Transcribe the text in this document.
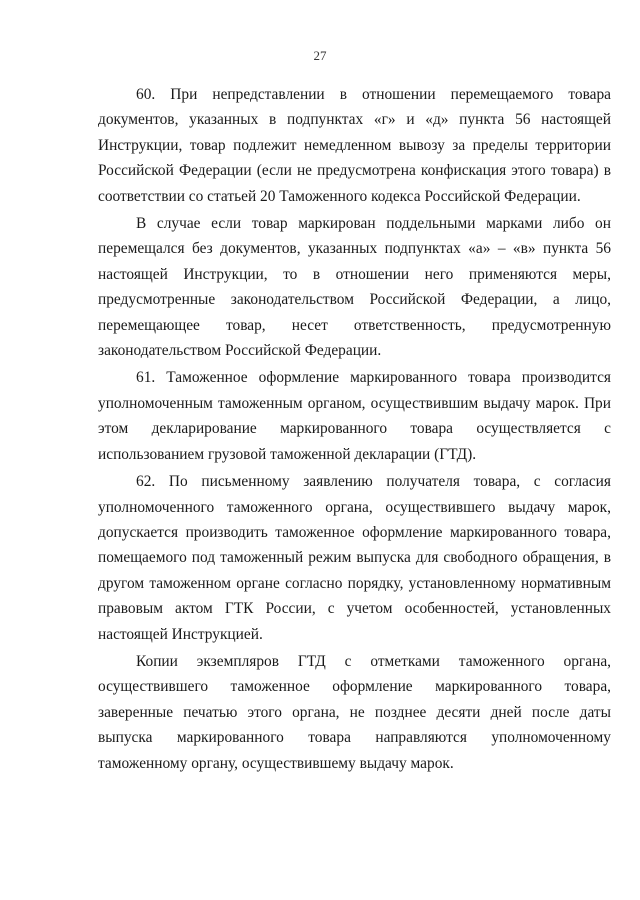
27

60. При непредставлении в отношении перемещаемого товара документов, указанных в подпунктах «г» и «д» пункта 56 настоящей Инструкции, товар подлежит немедленном вывозу за пределы территории Российской Федерации (если не предусмотрена конфискация этого товара) в соответствии со статьей 20 Таможенного кодекса Российской Федерации.

В случае если товар маркирован поддельными марками либо он перемещался без документов, указанных подпунктах «а» – «в» пункта 56 настоящей Инструкции, то в отношении него применяются меры, предусмотренные законодательством Российской Федерации, а лицо, перемещающее товар, несет ответственность, предусмотренную законодательством Российской Федерации.

61. Таможенное оформление маркированного товара производится уполномоченным таможенным органом, осуществившим выдачу марок. При этом декларирование маркированного товара осуществляется с использованием грузовой таможенной декларации (ГТД).

62. По письменному заявлению получателя товара, с согласия уполномоченного таможенного органа, осуществившего выдачу марок, допускается производить таможенное оформление маркированного товара, помещаемого под таможенный режим выпуска для свободного обращения, в другом таможенном органе согласно порядку, установленному нормативным правовым актом ГТК России, с учетом особенностей, установленных настоящей Инструкцией.

Копии экземпляров ГТД с отметками таможенного органа, осуществившего таможенное оформление маркированного товара, заверенные печатью этого органа, не позднее десяти дней после даты выпуска маркированного товара направляются уполномоченному таможенному органу, осуществившему выдачу марок.
